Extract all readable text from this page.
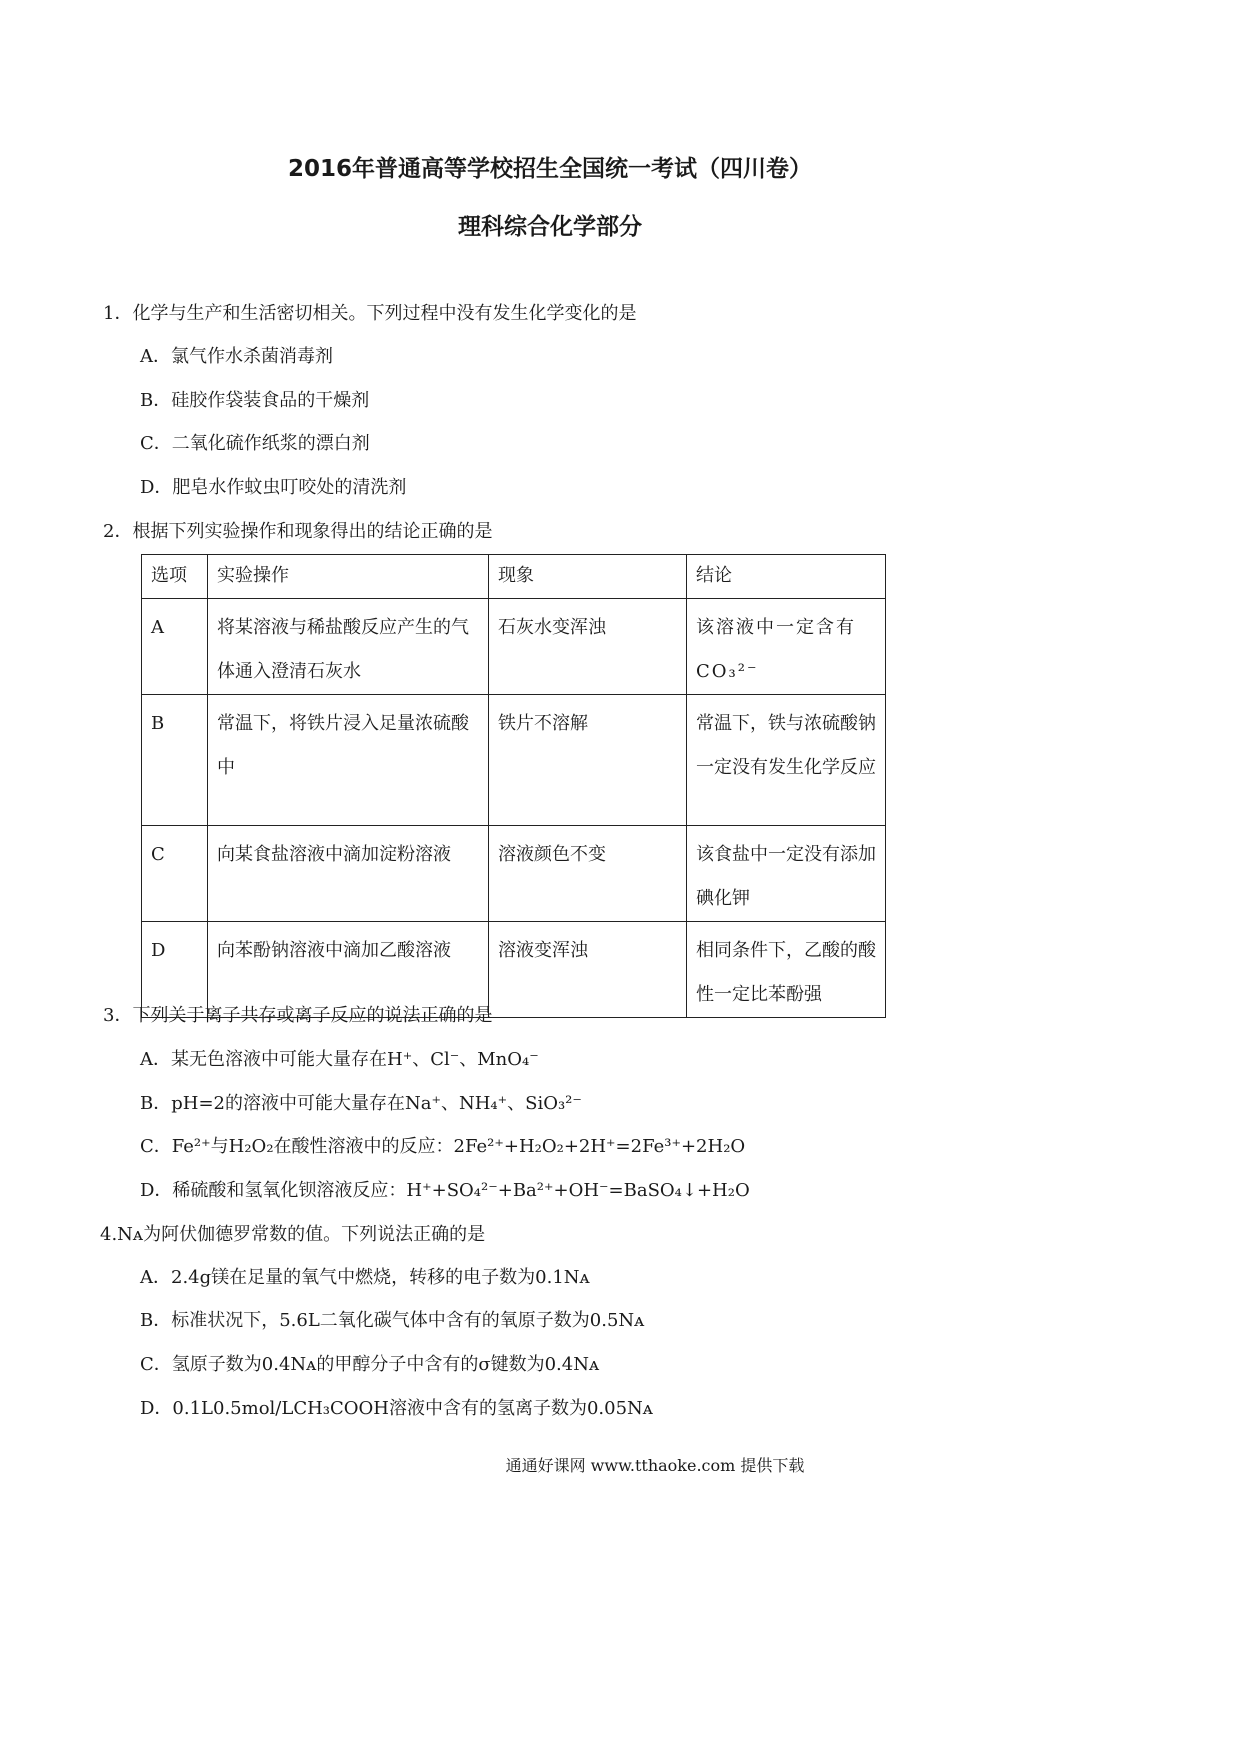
2016年普通高等学校招生全国统一考试（四川卷）
理科综合化学部分
1．化学与生产和生活密切相关。下列过程中没有发生化学变化的是
A．氯气作水杀菌消毒剂
B．硅胶作袋装食品的干燥剂
C．二氧化硫作纸浆的漂白剂
D．肥皂水作蚊虫叮咬处的清洗剂
2．根据下列实验操作和现象得出的结论正确的是
选项	实验操作	现象	结论
A	将某溶液与稀盐酸反应产生的气体通入澄清石灰水	石灰水变浑浊	该溶液中一定含有CO₃²⁻
B	常温下，将铁片浸入足量浓硫酸中	铁片不溶解	常温下，铁与浓硫酸钠一定没有发生化学反应
C	向某食盐溶液中滴加淀粉溶液	溶液颜色不变	该食盐中一定没有添加碘化钾
D	向苯酚钠溶液中滴加乙酸溶液	溶液变浑浊	相同条件下，乙酸的酸性一定比苯酚强
3．下列关于离子共存或离子反应的说法正确的是
A．某无色溶液中可能大量存在H⁺、Cl⁻、MnO₄⁻
B．pH=2的溶液中可能大量存在Na⁺、NH₄⁺、SiO₃²⁻
C．Fe²⁺与H₂O₂在酸性溶液中的反应：2Fe²⁺+H₂O₂+2H⁺=2Fe³⁺+2H₂O
D．稀硫酸和氢氧化钡溶液反应：H⁺+SO₄²⁻+Ba²⁺+OH⁻=BaSO₄↓+H₂O
4.Nᴀ为阿伏伽德罗常数的值。下列说法正确的是
A．2.4g镁在足量的氧气中燃烧，转移的电子数为0.1Nᴀ
B．标准状况下，5.6L二氧化碳气体中含有的氧原子数为0.5Nᴀ
C．氢原子数为0.4Nᴀ的甲醇分子中含有的σ键数为0.4Nᴀ
D．0.1L0.5mol/LCH₃COOH溶液中含有的氢离子数为0.05Nᴀ
通通好课网 www.tthaoke.com 提供下载
